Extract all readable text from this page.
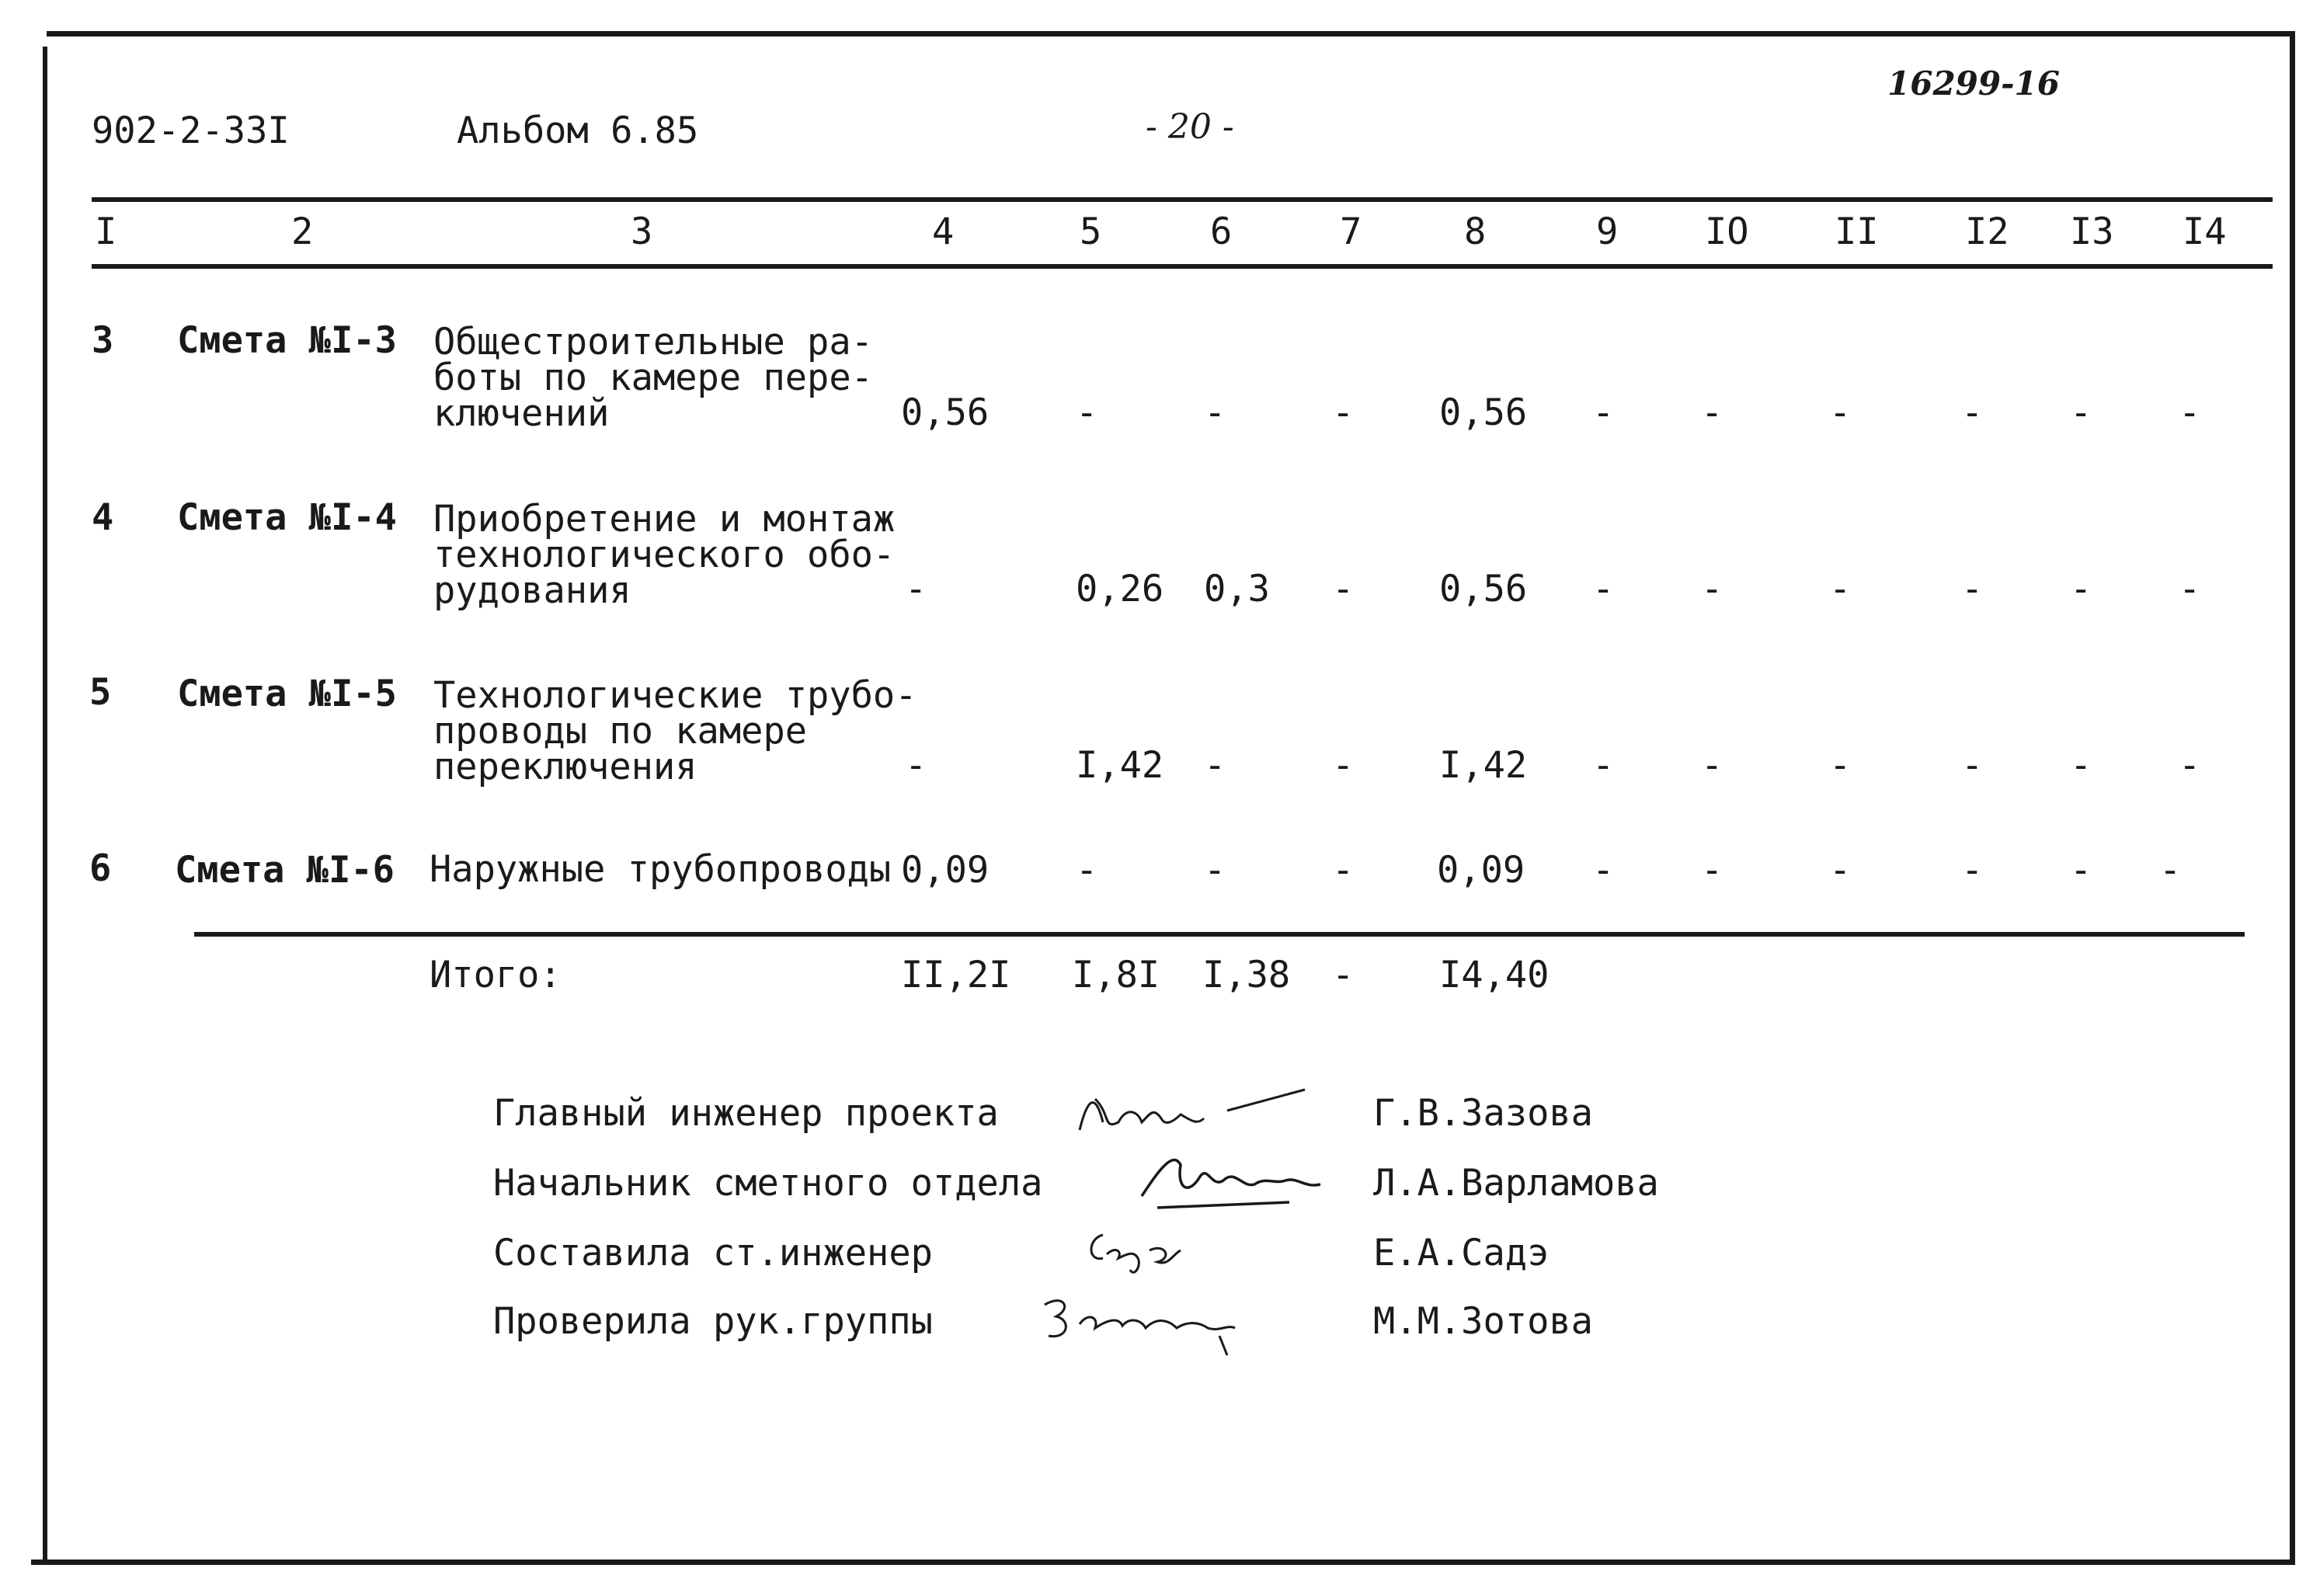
902-2-33I	Альбом 6.85	- 20 -
16299-16
I	2	3	4	5	6	7	8	9 IO II I2 I3 I4
3 Смета №I-3 Общестроительные ра-
боты по камере пере-
ключений	0,56 -	-	- 0,56 - -	-	- - -
4 Смета №I-4 Приобретение и монтаж
технологического обо-
рудования	-	0,26 0,3 - 0,56 - -	-	- - -
5 Смета №I-5 Технологические трубо-
проводы по камере
переключения	-	I,42 -	- I,42 - -	-	- - -
6 Смета №I-6 Наружные трубопроводы 0,09 -	-	- 0,09 - -	-	- - -
Итого:	II,2I I,8I I,38 - I4,40
Главный инженер проекта	Г.В.Зазова
Начальник сметного отдела	Л.А.Варламова
Составила ст.инженер	Е.А.Садэ
Проверила рук.группы	М.М.Зотова
